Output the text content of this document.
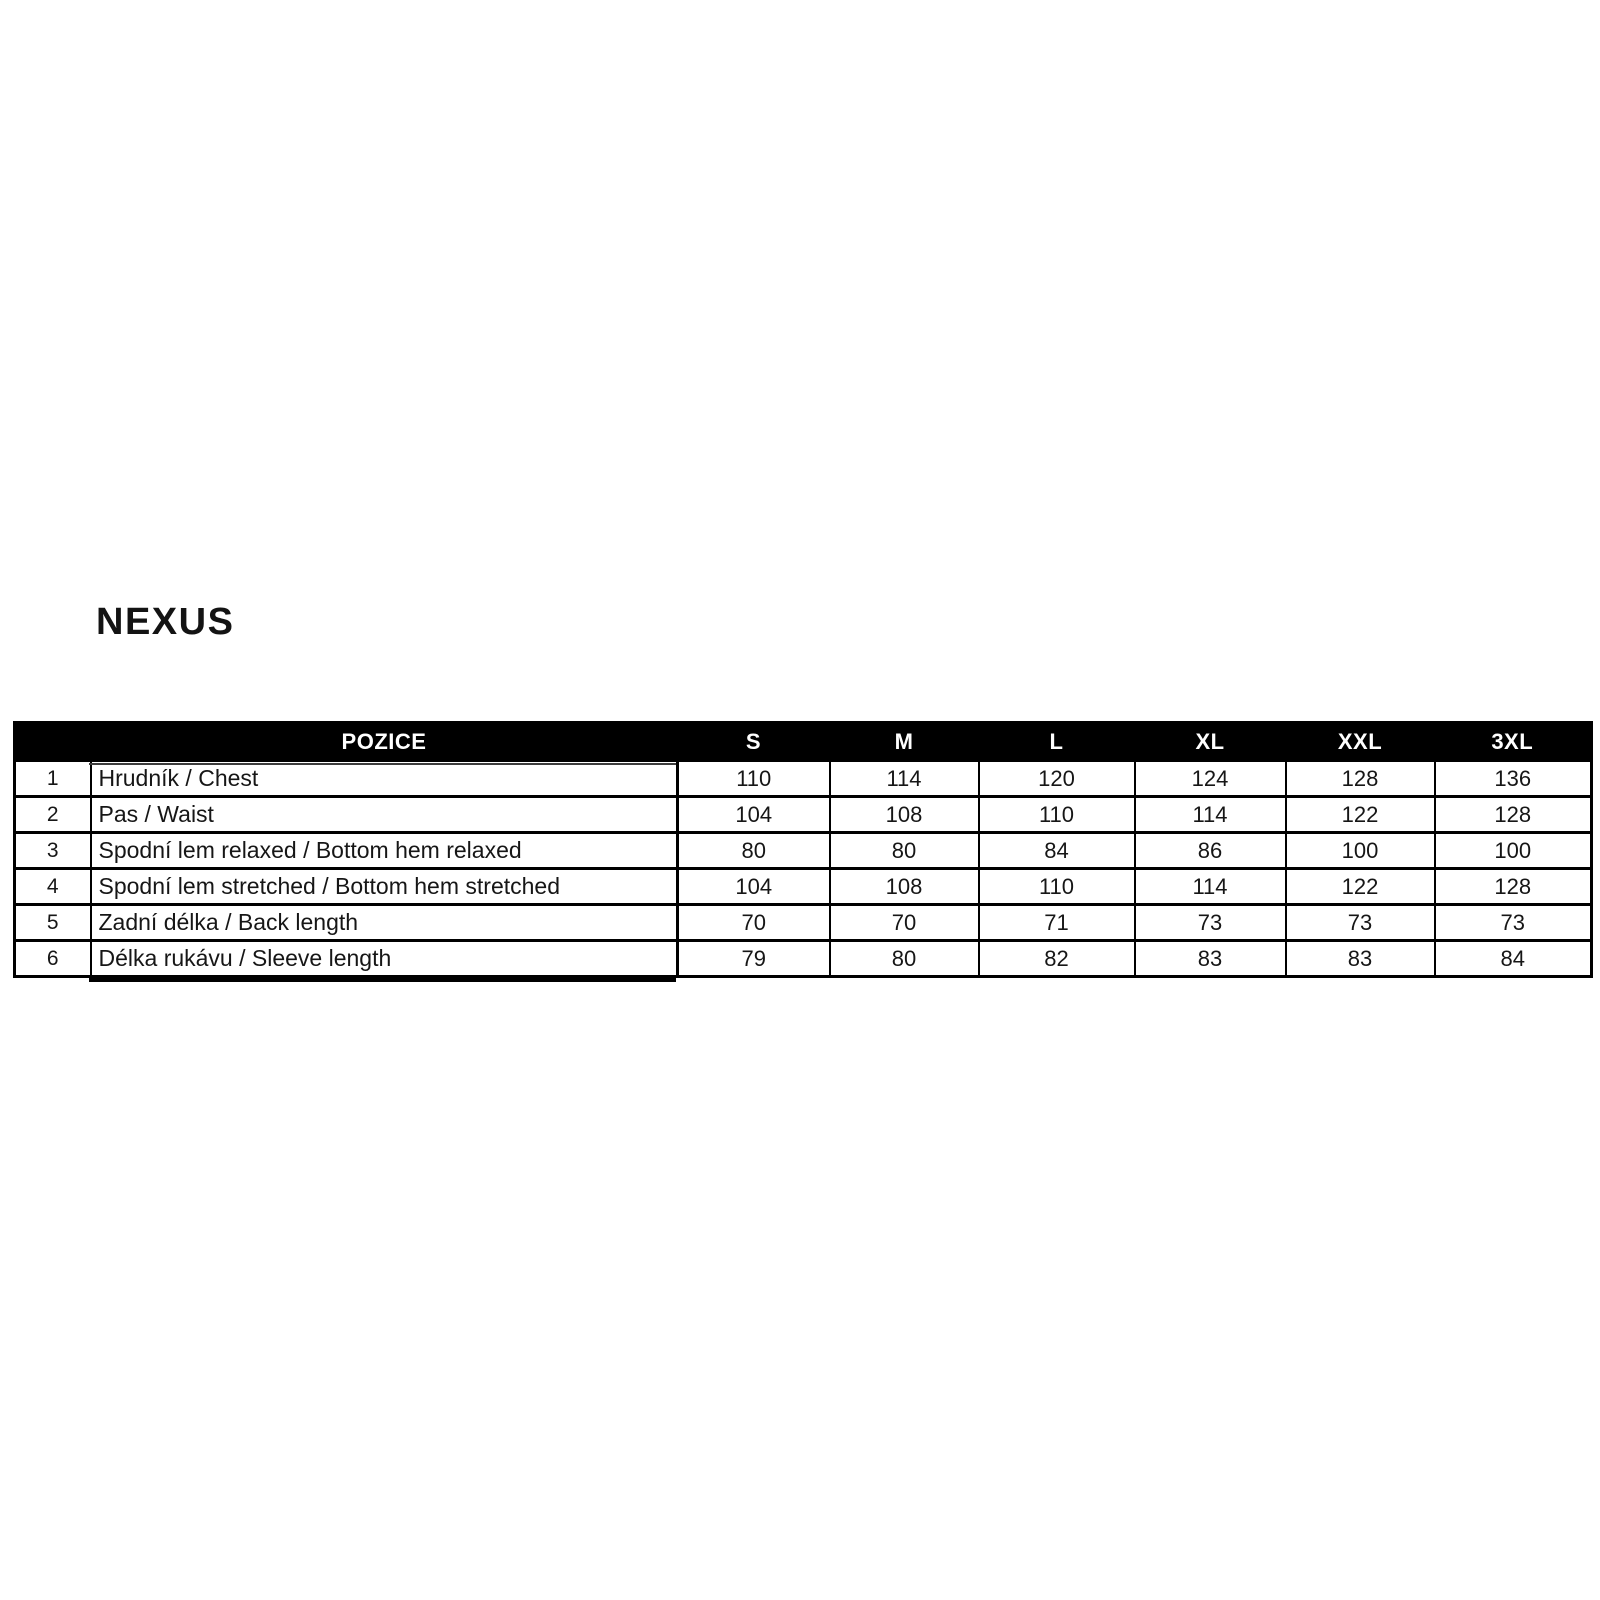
NEXUS
	POZICE	S	M	L	XL	XXL	3XL
1	Hrudník / Chest	110	114	120	124	128	136
2	Pas / Waist	104	108	110	114	122	128
3	Spodní lem relaxed / Bottom hem relaxed	80	80	84	86	100	100
4	Spodní lem stretched / Bottom hem stretched	104	108	110	114	122	128
5	Zadní délka / Back length	70	70	71	73	73	73
6	Délka rukávu / Sleeve length	79	80	82	83	83	84
